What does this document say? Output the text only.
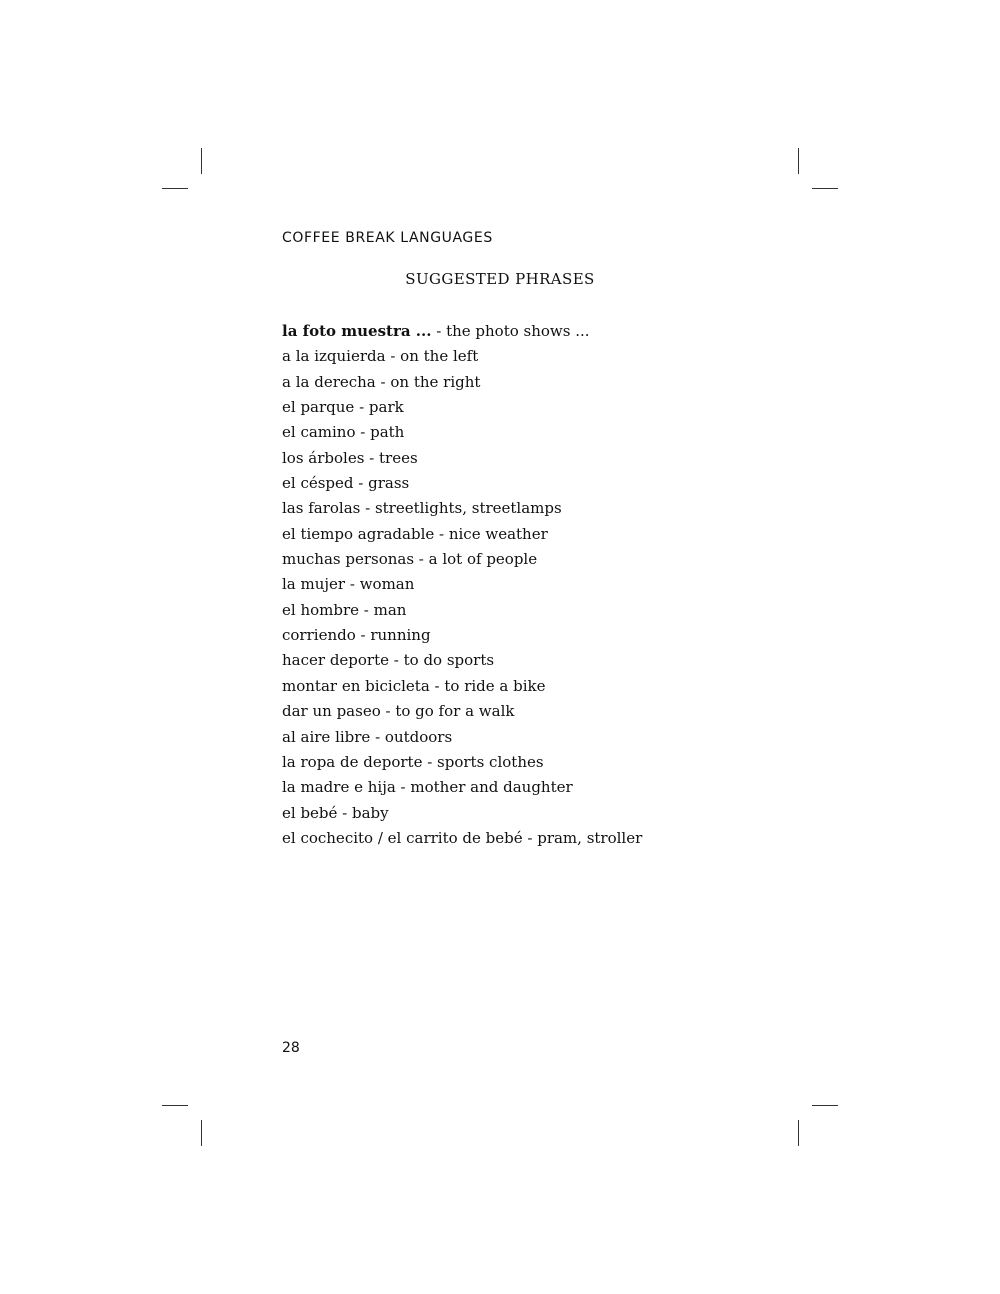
COFFEE BREAK LANGUAGES

SUGGESTED PHRASES
la foto muestra ... - the photo shows ...
a la izquierda - on the left
a la derecha - on the right
el parque - park
el camino - path
los árboles - trees
el césped - grass
las farolas - streetlights, streetlamps
el tiempo agradable - nice weather
muchas personas - a lot of people
la mujer - woman
el hombre - man
corriendo - running
hacer deporte - to do sports
montar en bicicleta - to ride a bike
dar un paseo - to go for a walk
al aire libre - outdoors
la ropa de deporte - sports clothes
la madre e hija - mother and daughter
el bebé - baby
el cochecito / el carrito de bebé - pram, stroller

28
